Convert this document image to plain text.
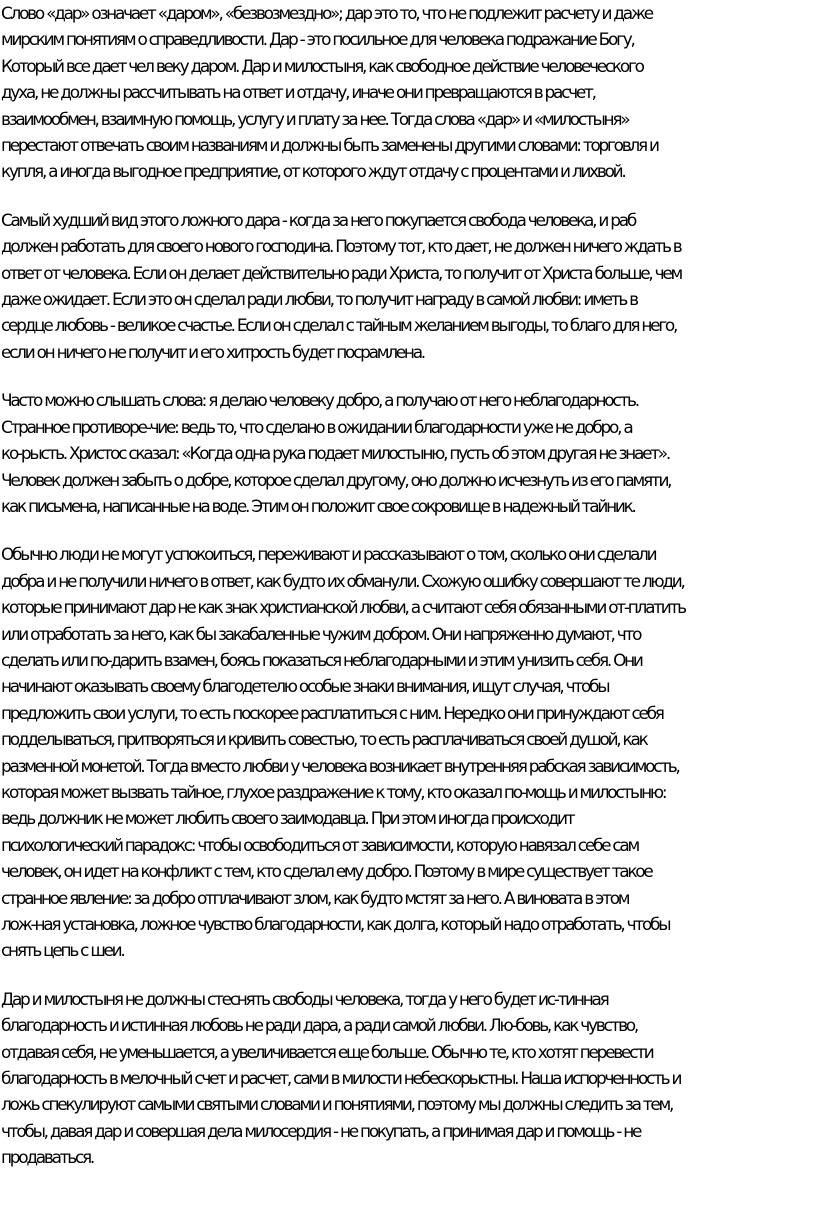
Слово «дар» означает «даром», «безвозмездно»; дар это то, что не подлежит расчету и даже
мирским понятиям о справедливости. Дар - это посильное для человека подражание Богу,
Который все дает чел веку даром. Дар и милостыня, как свободное действие человеческого
духа, не должны рассчитывать на ответ и отдачу, иначе они превращаются в расчет,
взаимообмен, взаимную помощь, услугу и плату за нее. Тогда слова «дар» и «милостыня»
перестают отвечать своим названиям и должны быть заменены другими словами: торговля и
купля, а иногда выгодное предприятие, от которого ждут отдачу с процентами и лихвой.
Самый худший вид этого ложного дара - когда за него покупается свобода человека, и раб
должен работать для своего нового господина. Поэтому тот, кто дает, не должен ничего ждать в
ответ от человека. Если он делает действительно ради Христа, то получит от Христа больше, чем
даже ожидает. Если это он сделал ради любви, то получит награду в самой любви: иметь в
сердце любовь - великое счастье. Если он сделал с тайным желанием выгоды, то благо для него,
если он ничего не получит и его хитрость будет посрамлена.
Часто можно слышать слова: я делаю человеку добро, а получаю от него неблагодарность.
Странное противоре-чие: ведь то, что сделано в ожидании благодарности уже не добро, а
ко-рысть. Христос сказал: «Когда одна рука подает милостыню, пусть об этом другая не знает».
Человек должен забыть о добре, которое сделал другому, оно должно исчезнуть из его памяти,
как письмена, написанные на воде. Этим он положит свое сокровище в надежный тайник.
Обычно люди не могут успокоиться, переживают и рассказывают о том, сколько они сделали
добра и не получили ничего в ответ, как будто их обманули. Схожую ошибку совершают те люди,
которые принимают дар не как знак христианской любви, а считают себя обязанными от-платить
или отработать за него, как бы закабаленные чужим добром. Они напряженно думают, что
сделать или по-дарить взамен, боясь показаться неблагодарными и этим унизить себя. Они
начинают оказывать своему благодетелю особые знаки внимания, ищут случая, чтобы
предложить свои услуги, то есть поскорее расплатиться с ним. Нередко они принуждают себя
подделываться, притворяться и кривить совестью, то есть расплачиваться своей душой, как
разменной монетой. Тогда вместо любви у человека возникает внутренняя рабская зависимость,
которая может вызвать тайное, глухое раздражение к тому, кто оказал по-мощь и милостыню:
ведь должник не может любить своего заимодавца. При этом иногда происходит
психологический парадокс: чтобы освободиться от зависимости, которую навязал себе сам
человек, он идет на конфликт с тем, кто сделал ему добро. Поэтому в мире существует такое
странное явление: за добро отплачивают злом, как будто мстят за него. А виновата в этом
лож-ная установка, ложное чувство благодарности, как долга, который надо отработать, чтобы
снять цепь с шеи.
Дар и милостыня не должны стеснять свободы человека, тогда у него будет ис-тинная
благодарность и истинная любовь не ради дара, а ради самой любви. Лю-бовь, как чувство,
отдавая себя, не уменьшается, а увеличивается еще больше. Обычно те, кто хотят перевести
благодарность в мелочный счет и расчет, сами в милости небескорыстны. Наша испорченность и
ложь спекулируют самыми святыми словами и понятиями, поэтому мы должны следить за тем,
чтобы, давая дар и совершая дела милосердия - не покупать, а принимая дар и помощь - не
продаваться.
